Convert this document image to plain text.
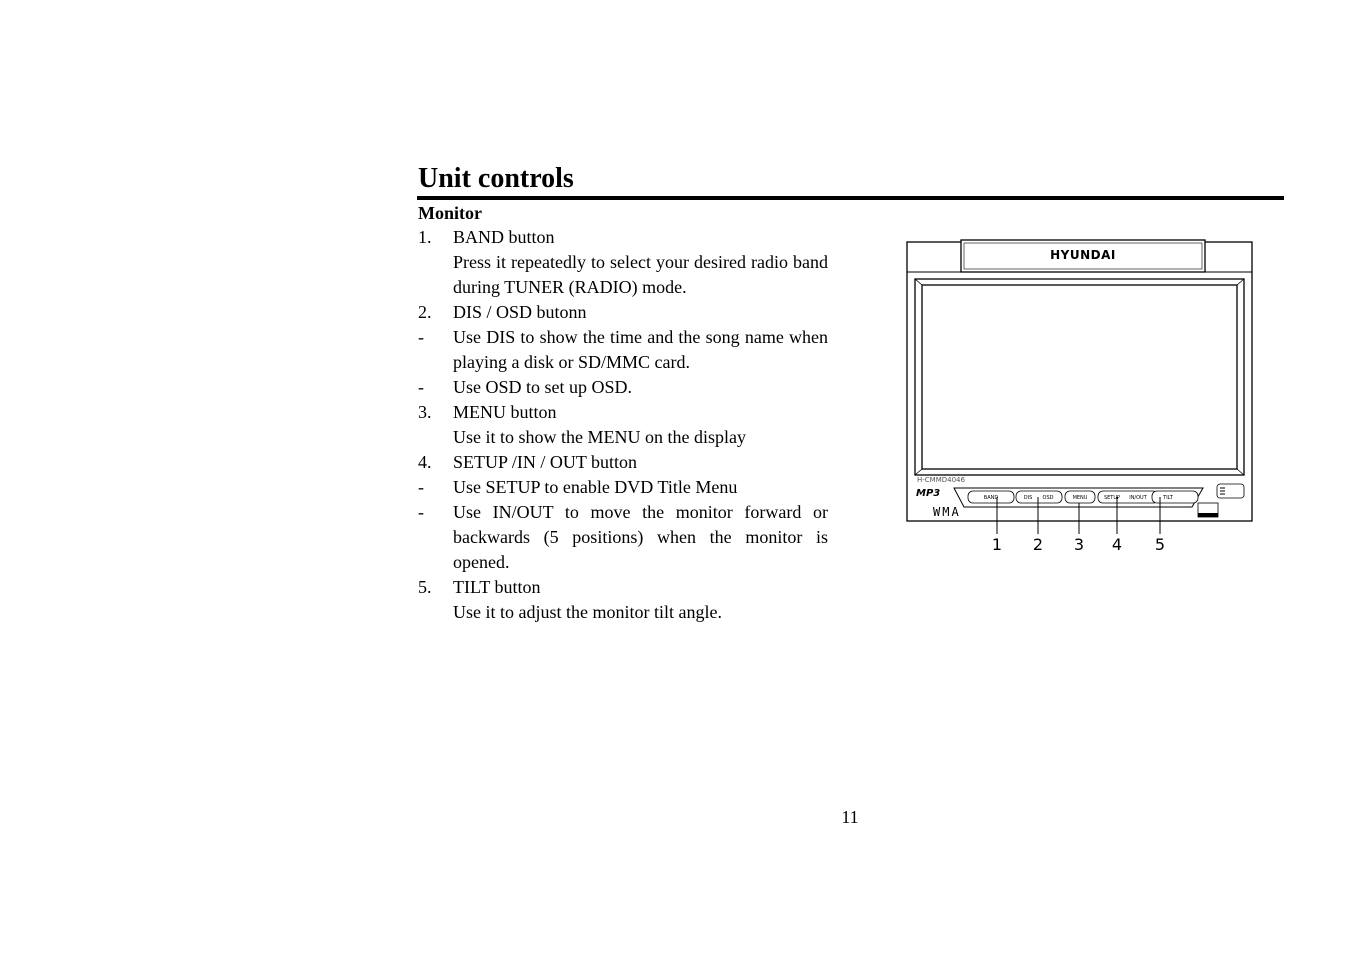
Unit controls
Monitor
1. BAND button
Press it repeatedly to select your desired radio band during TUNER (RADIO) mode.
2. DIS / OSD butonn
- Use DIS to show the time and the song name when playing a disk or SD/MMC card.
- Use OSD to set up OSD.
3. MENU button
Use it to show the MENU on the display
4. SETUP /IN / OUT button
- Use SETUP to enable DVD Title Menu
- Use IN/OUT to move the monitor forward or backwards (5 positions) when the monitor is opened.
5. TILT button
Use it to adjust the monitor tilt angle.
HYUNDAI
H-CMMD4046
MP3
WMA
BAND	DIS OSD	MENU	SETUP IN/OUT	TILT
1 2 3 4 5
11
